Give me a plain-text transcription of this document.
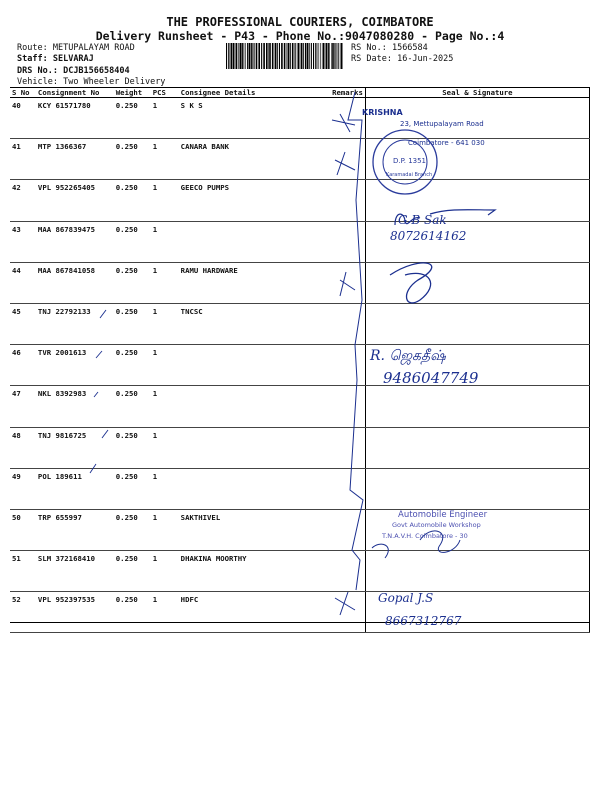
THE PROFESSIONAL COURIERS, COIMBATORE
Delivery Runsheet - P43 - Phone No.:9047080280 - Page No.:4
Route: METUPALAYAM ROAD
Staff: SELVARAJ
DRS No.: DCJB156658404
Vehicle: Two Wheeler Delivery
RS No.: 1566584
RS Date: 16-Jun-2025
S No	Consignment No	Weight	PCS	Consignee Details	Remarks	Seal & Signature
40	KCY 61571780	0.250	1	S K S		
41	MTP 1366367	0.250	1	CANARA BANK		
42	VPL 952265405	0.250	1	GEECO PUMPS		
43	MAA 867839475	0.250	1			
44	MAA 867841058	0.250	1	RAMU HARDWARE		
45	TNJ 22792133	0.250	1	TNCSC		
46	TVR 2001613	0.250	1			
47	NKL 8392983	0.250	1			
48	TNJ 9816725	0.250	1			
49	POL 189611	0.250	1			
50	TRP 655997	0.250	1	SAKTHIVEL		
51	SLM 372168410	0.250	1	DHAKINA MOORTHY		
52	VPL 952397535	0.250	1	HDFC		
KRISHNA
23, Mettupalayam Road
Coimbatore - 641 030
D.P. 1351
Karamadai Branch
G B Sak
8072614162
R. ஜெகதீஷ்
9486047749
Automobile Engineer
Govt Automobile Workshop
T.N.A.V.H. Coimbatore - 30
Gopal J.S
8667312767
